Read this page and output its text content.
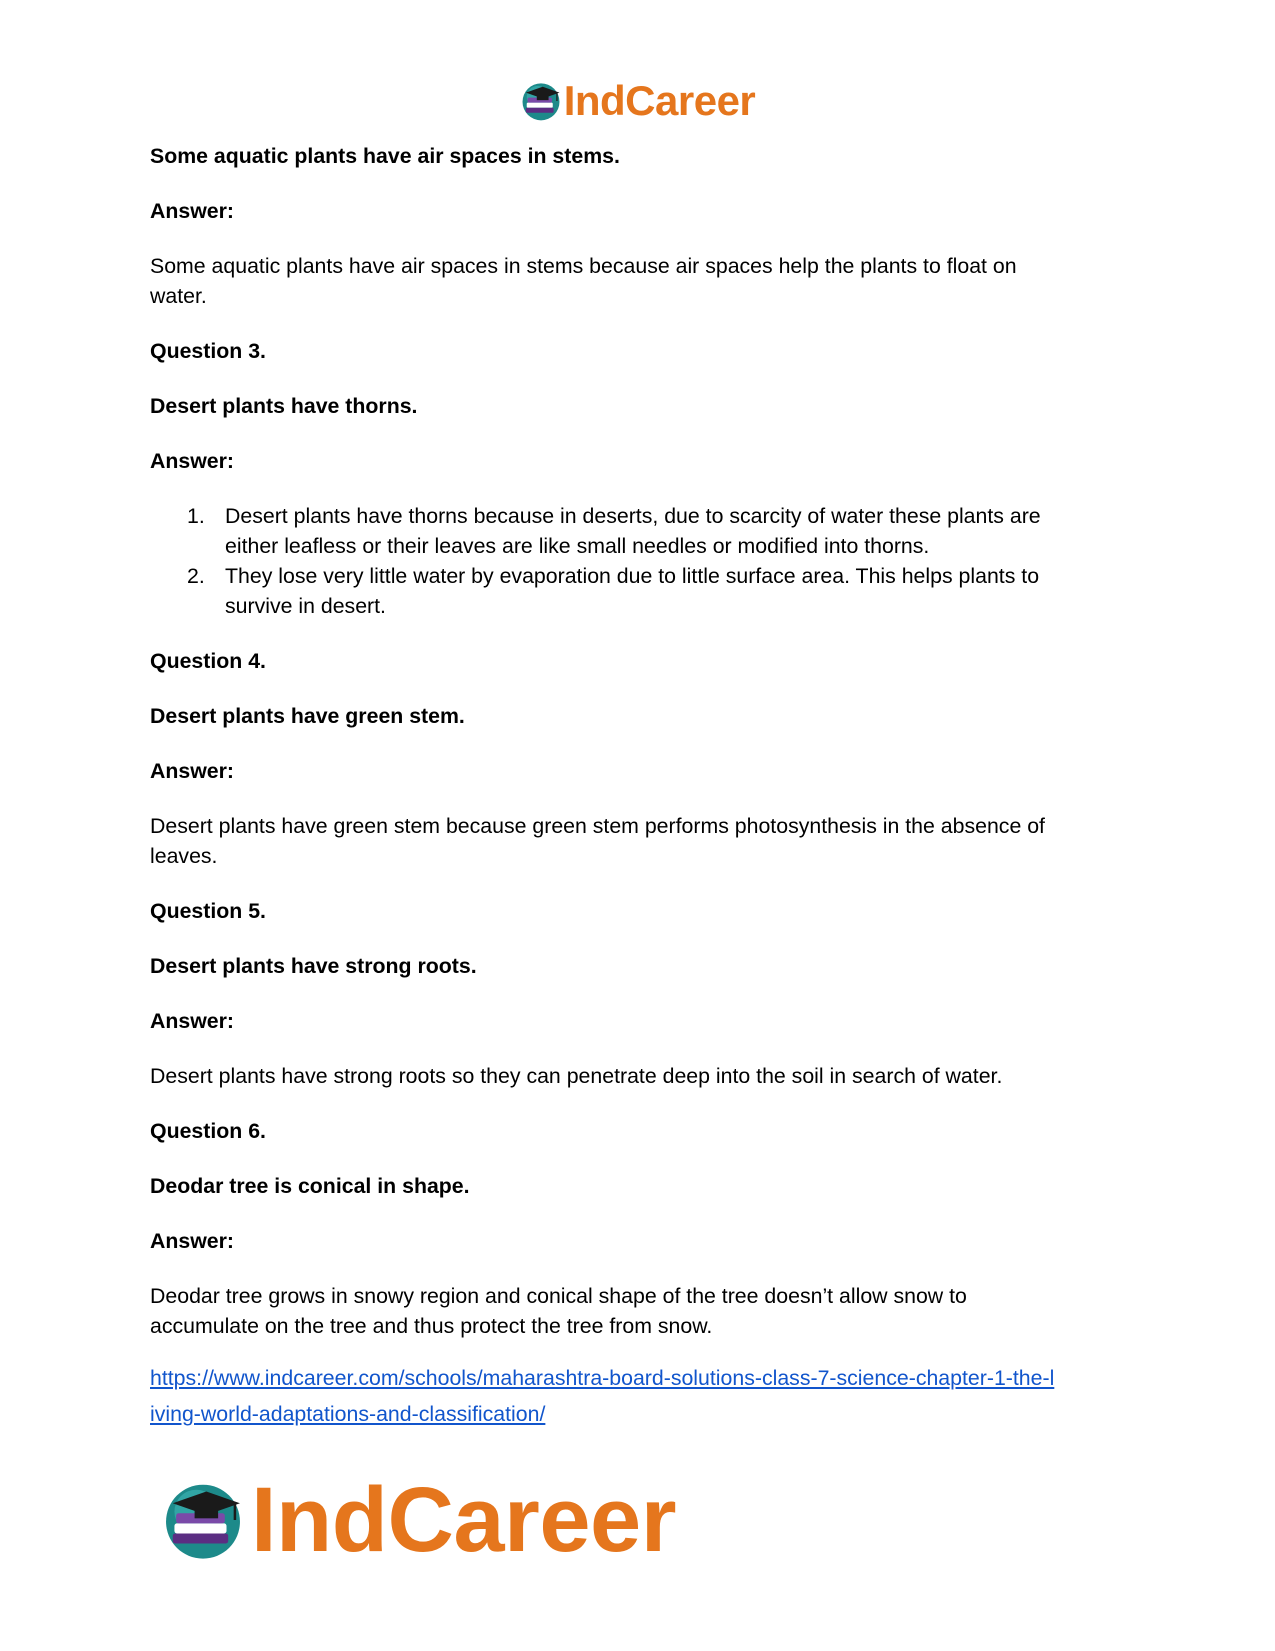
IndCareer

Some aquatic plants have air spaces in stems.

Answer:

Some aquatic plants have air spaces in stems because air spaces help the plants to float on

water.

Question 3.

Desert plants have thorns.

Answer:

1. Desert plants have thorns because in deserts, due to scarcity of water these plants are
either leafless or their leaves are like small needles or modified into thorns.
2. They lose very little water by evaporation due to little surface area. This helps plants to
survive in desert.

Question 4.

Desert plants have green stem.

Answer:

Desert plants have green stem because green stem performs photosynthesis in the absence of

leaves.

Question 5.

Desert plants have strong roots.

Answer:

Desert plants have strong roots so they can penetrate deep into the soil in search of water.

Question 6.

Deodar tree is conical in shape.

Answer:

Deodar tree grows in snowy region and conical shape of the tree doesn’t allow snow to

accumulate on the tree and thus protect the tree from snow.

https://www.indcareer.com/schools/maharashtra-board-solutions-class-7-science-chapter-1-the-l
iving-world-adaptations-and-classification/
IndCareer
